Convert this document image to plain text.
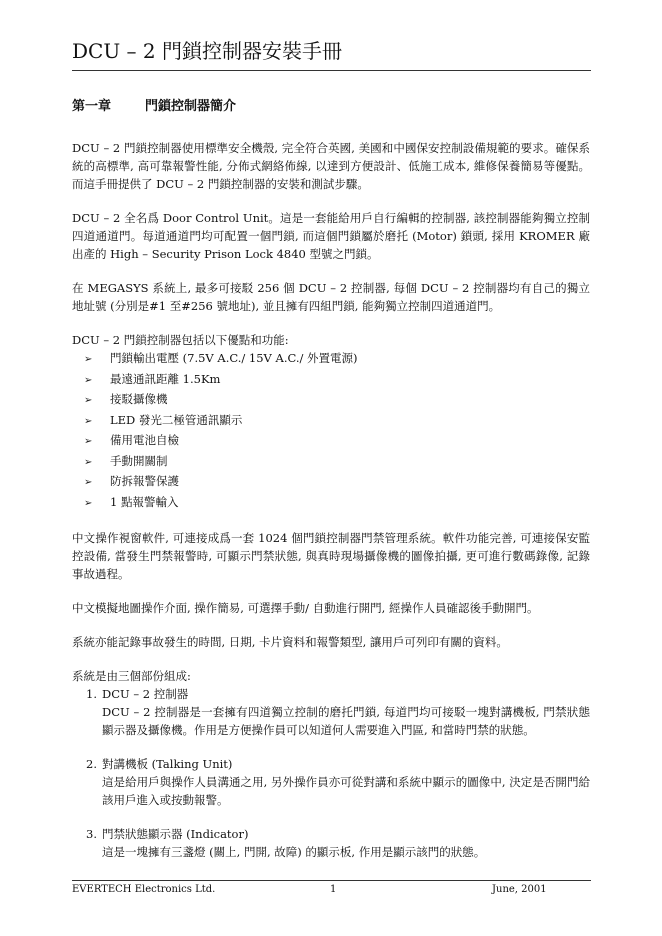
DCU – 2 門鎖控制器安裝手冊
第一章	門鎖控制器簡介

DCU – 2 門鎖控制器使用標準安全機殼, 完全符合英國, 美國和中國保安控制設備規範的要求。確保系統的高標準, 高可靠報警性能, 分佈式網絡佈線, 以達到方便設計、低施工成本, 維修保養簡易等優點。而這手冊提供了 DCU – 2 門鎖控制器的安裝和測試步驟。

DCU – 2 全名爲 Door Control Unit。這是一套能給用戶自行編輯的控制器, 該控制器能夠獨立控制四道通道門。每道通道門均可配置一個門鎖, 而這個門鎖屬於磨托 (Motor) 鎖頭, 採用 KROMER 廠出產的 High – Security Prison Lock 4840 型號之門鎖。

在 MEGASYS 系統上, 最多可接駁 256 個 DCU – 2 控制器, 每個 DCU – 2 控制器均有自己的獨立地址號 (分別是#1 至#256 號地址), 並且擁有四組門鎖, 能夠獨立控制四道通道門。

DCU – 2 門鎖控制器包括以下優點和功能:

➢ 門鎖輸出電壓 (7.5V A.C./ 15V A.C./ 外置電源)
➢ 最遠通訊距離 1.5Km
➢ 接駁攝像機
➢ LED 發光二極管通訊顯示
➢ 備用電池自檢
➢ 手動開關制
➢ 防拆報警保護
➢ 1 點報警輸入

中文操作視窗軟件, 可連接成爲一套 1024 個門鎖控制器門禁管理系統。軟件功能完善, 可連接保安監控設備, 當發生門禁報警時, 可顯示門禁狀態, 與真時現場攝像機的圖像拍攝, 更可進行數碼錄像, 記錄事故過程。

中文模擬地圖操作介面, 操作簡易, 可選擇手動/ 自動進行開門, 經操作人員確認後手動開門。

系統亦能記錄事故發生的時間, 日期, 卡片資料和報警類型, 讓用戶可列印有關的資料。

系統是由三個部份組成:

1. DCU – 2 控制器
DCU – 2 控制器是一套擁有四道獨立控制的磨托門鎖, 每道門均可接駁一塊對講機板, 門禁狀態顯示器及攝像機。作用是方便操作員可以知道何人需要進入門區, 和當時門禁的狀態。
2. 對講機板 (Talking Unit)
這是給用戶與操作人員溝通之用, 另外操作員亦可從對講和系統中顯示的圖像中, 決定是否開門給該用戶進入或按動報警。
3. 門禁狀態顯示器 (Indicator)
這是一塊擁有三盞燈 (關上, 門開, 故障) 的顯示板, 作用是顯示該門的狀態。
EVERTECH Electronics Ltd.	1	June, 2001
